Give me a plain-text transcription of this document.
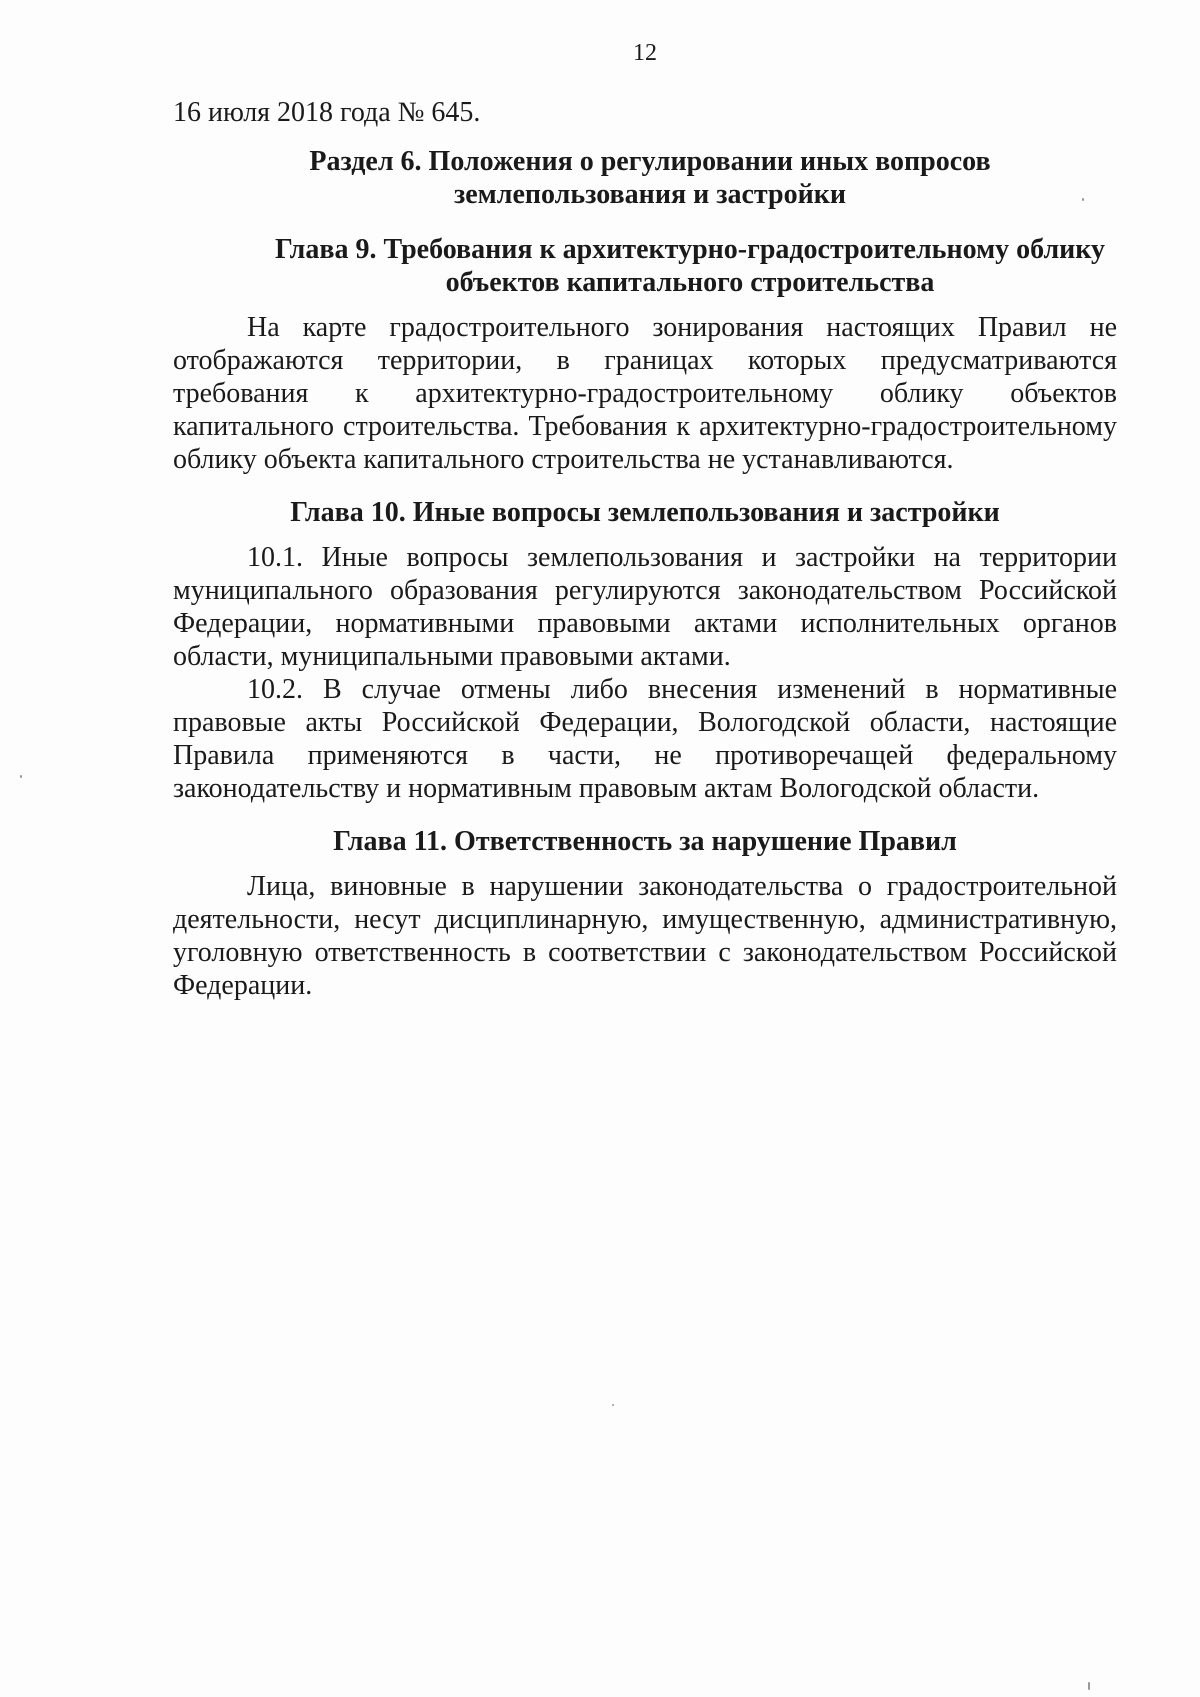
12

16 июля 2018 года № 645.

Раздел 6. Положения о регулировании иных вопросов
землепользования и застройки
Глава 9. Требования к архитектурно-градостроительному облику
объектов капитального строительства

На карте градостроительного зонирования настоящих Правил не отображаются территории, в границах которых предусматриваются требования к архитектурно-градостроительному облику объектов капитального строительства. Требования к архитектурно-градостроительному облику объекта капитального строительства не устанавливаются.

Глава 10. Иные вопросы землепользования и застройки

10.1. Иные вопросы землепользования и застройки на территории муниципального образования регулируются законодательством Российской Федерации, нормативными правовыми актами исполнительных органов области, муниципальными правовыми актами.

10.2. В случае отмены либо внесения изменений в нормативные правовые акты Российской Федерации, Вологодской области, настоящие Правила применяются в части, не противоречащей федеральному законодательству и нормативным правовым актам Вологодской области.

Глава 11. Ответственность за нарушение Правил

Лица, виновные в нарушении законодательства о градостроительной деятельности, несут дисциплинарную, имущественную, административную, уголовную ответственность в соответствии с законодательством Российской Федерации.
